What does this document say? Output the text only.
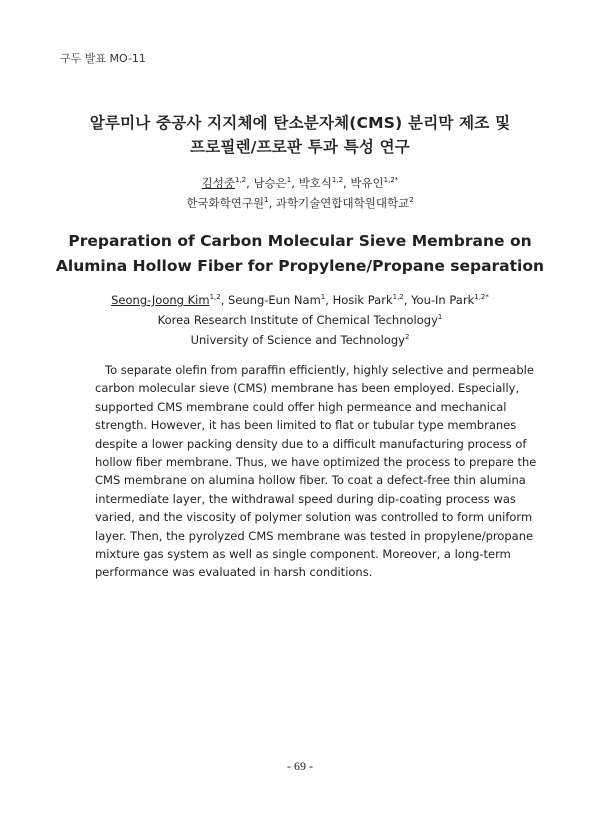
구두 발표 MO-11
알루미나 중공사 지지체에 탄소분자체(CMS) 분리막 제조 및
프로필렌/프로판 투과 특성 연구
김성중$^{1,2}$, 남승은$^1$, 박호식$^{1,2}$, 박유인$^{1,2*}$
한국화학연구원$^1$, 과학기술연합대학원대학교$^2$
Preparation of Carbon Molecular Sieve Membrane on
Alumina Hollow Fiber for Propylene/Propane separation
Seong-Joong Kim$^{1,2}$, Seung-Eun Nam$^1$, Hosik Park$^{1,2}$, You-In Park$^{1,2*}$
Korea Research Institute of Chemical Technology$^1$
University of Science and Technology$^2$
To separate olefin from paraffin efficiently, highly selective and permeable
carbon molecular sieve (CMS) membrane has been employed. Especially,
supported CMS membrane could offer high permeance and mechanical
strength. However, it has been limited to flat or tubular type membranes
despite a lower packing density due to a difficult manufacturing process of
hollow fiber membrane. Thus, we have optimized the process to prepare the
CMS membrane on alumina hollow fiber. To coat a defect-free thin alumina
intermediate layer, the withdrawal speed during dip-coating process was
varied, and the viscosity of polymer solution was controlled to form uniform
layer. Then, the pyrolyzed CMS membrane was tested in propylene/propane
mixture gas system as well as single component. Moreover, a long-term
performance was evaluated in harsh conditions.
- 69 -
